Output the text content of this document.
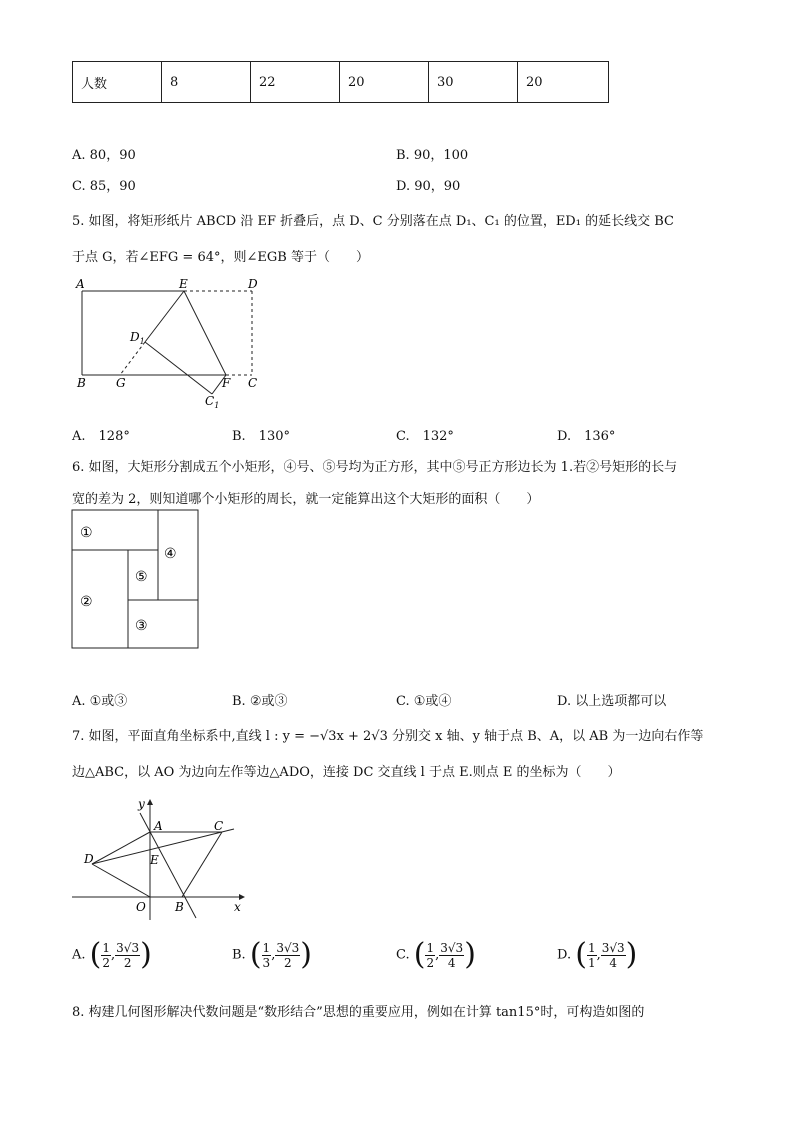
人数	8	22	20	30	20
A. 80，90	B. 90，100
C. 85，90	D. 90，90
5. 如图，将矩形纸片 ABCD 沿 EF 折叠后，点 D、C 分别落在点 D₁、C₁ 的位置，ED₁ 的延长线交 BC
于点 G，若∠EFG = 64°，则∠EGB 等于（　　）
A	E	D
$D_1$
B	G	F C
$C_1$
A.　128°	B.　130°	C.　132°	D.　136°
6. 如图，大矩形分割成五个小矩形，④号、⑤号均为正方形，其中⑤号正方形边长为 1.若②号矩形的长与
宽的差为 2，则知道哪个小矩形的周长，就一定能算出这个大矩形的面积（　　）
①
④
⑤
②
③
A. ①或③	B. ②或③	C. ①或④	D. 以上选项都可以
7. 如图，平面直角坐标系中,直线 l : y = −√3x + 2√3 分别交 x 轴、y 轴于点 B、A，以 AB 为一边向右作等
边△ABC，以 AO 为边向左作等边△ADO，连接 DC 交直线 l 于点 E.则点 E 的坐标为（　　）
y
x
A	C
D	E
O B
A. ( $\frac{1}{2}$ , $\frac{3√3}{2}$ )	B. ( $\frac{1}{3}$ , $\frac{3√3}{2}$ )	C. ( $\frac{1}{2}$ , $\frac{3√3}{4}$ )	D. ( $\frac{1}{1}$ , $\frac{3√3}{4}$ )
8. 构建几何图形解决代数问题是“数形结合”思想的重要应用，例如在计算 tan15°时，可构造如图的
